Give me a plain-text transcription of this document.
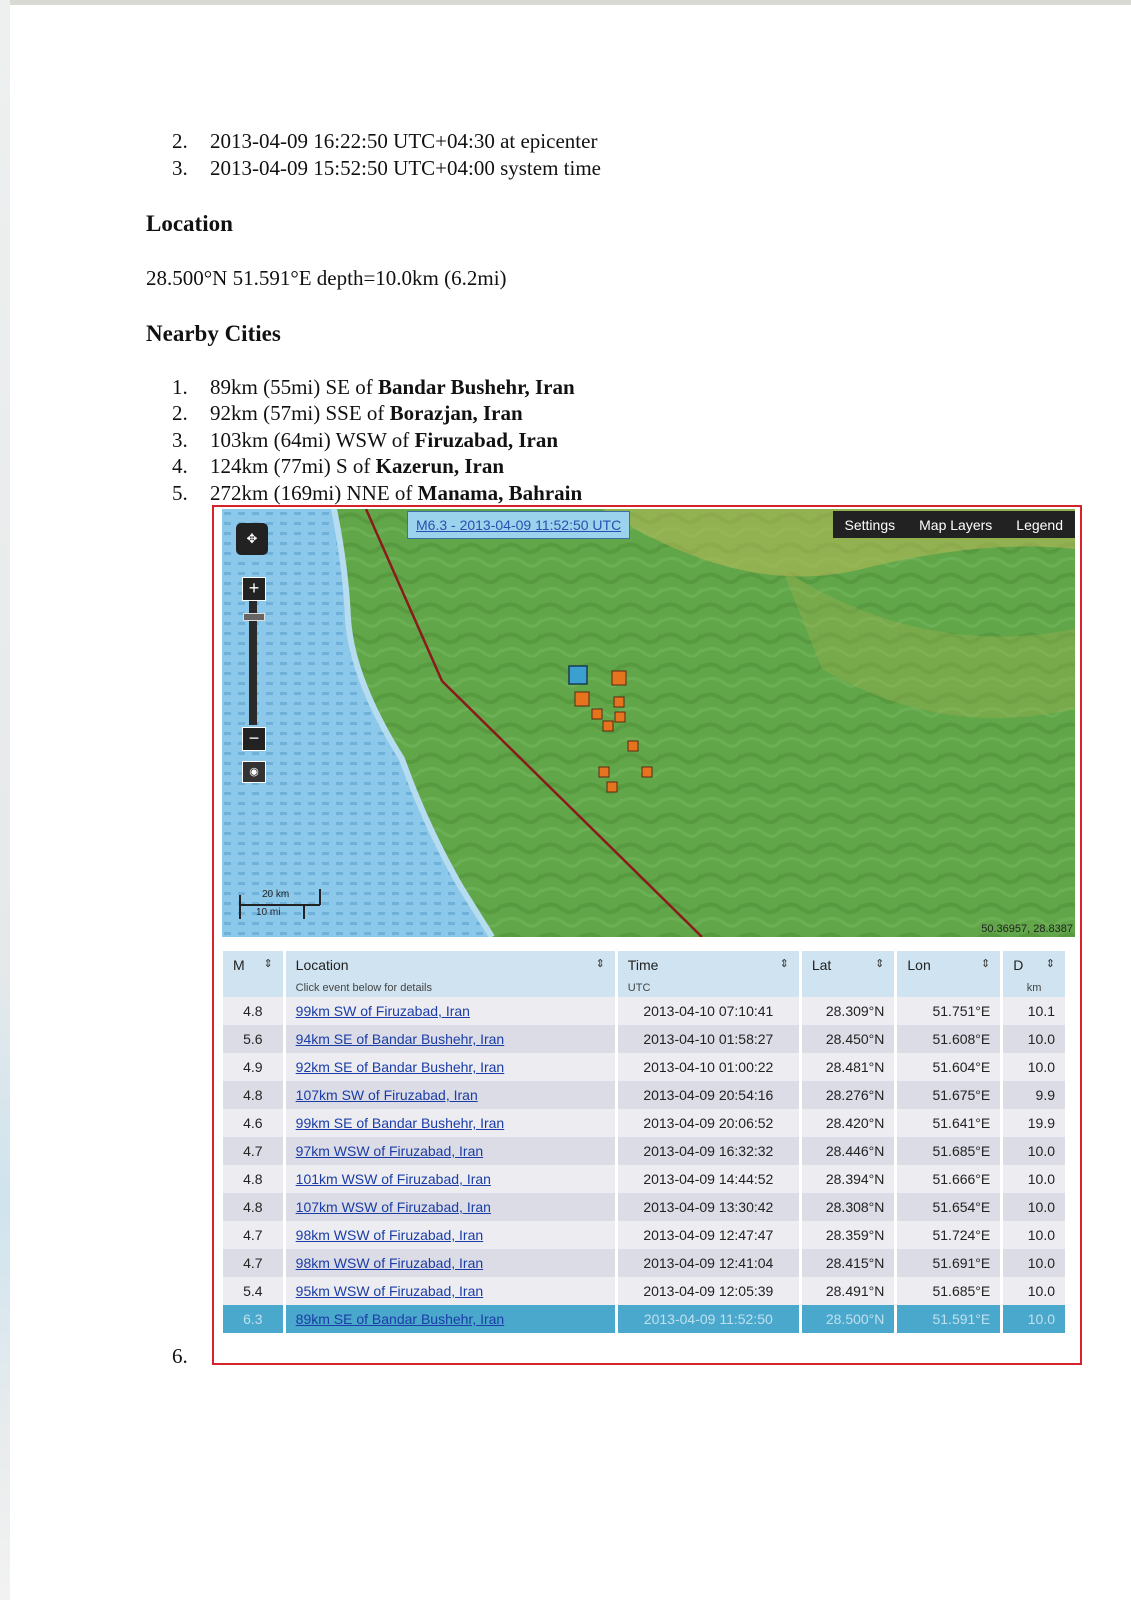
2.	2013-04-09 16:22:50 UTC+04:30 at epicenter
3.	2013-04-09 15:52:50 UTC+04:00 system time
Location
28.500°N 51.591°E depth=10.0km (6.2mi)
Nearby Cities
1.	89km (55mi) SE of Bandar Bushehr, Iran
2.	92km (57mi) SSE of Borazjan, Iran
3.	103km (64mi) WSW of Firuzabad, Iran
4.	124km (77mi) S of Kazerun, Iran
5.	272km (169mi) NNE of Manama, Bahrain
6.
M6.3 - 2013-04-09 11:52:50 UTC	Settings	Map Layers	Legend
✥
+
−
◉
20 km
10 mi
50.36957, 28.8387
M ⇕	Location ⇕	Time ⇕	Lat ⇕	Lon ⇕	D ⇕

	Click event below for details	UTC			km
4.8	99km SW of Firuzabad, Iran	2013-04-10 07:10:41	28.309°N	51.751°E	10.1
5.6	94km SE of Bandar Bushehr, Iran	2013-04-10 01:58:27	28.450°N	51.608°E	10.0
4.9	92km SE of Bandar Bushehr, Iran	2013-04-10 01:00:22	28.481°N	51.604°E	10.0
4.8	107km SW of Firuzabad, Iran	2013-04-09 20:54:16	28.276°N	51.675°E	9.9
4.6	99km SE of Bandar Bushehr, Iran	2013-04-09 20:06:52	28.420°N	51.641°E	19.9
4.7	97km WSW of Firuzabad, Iran	2013-04-09 16:32:32	28.446°N	51.685°E	10.0
4.8	101km WSW of Firuzabad, Iran	2013-04-09 14:44:52	28.394°N	51.666°E	10.0
4.8	107km WSW of Firuzabad, Iran	2013-04-09 13:30:42	28.308°N	51.654°E	10.0
4.7	98km WSW of Firuzabad, Iran	2013-04-09 12:47:47	28.359°N	51.724°E	10.0
4.7	98km WSW of Firuzabad, Iran	2013-04-09 12:41:04	28.415°N	51.691°E	10.0
5.4	95km WSW of Firuzabad, Iran	2013-04-09 12:05:39	28.491°N	51.685°E	10.0
6.3	89km SE of Bandar Bushehr, Iran	2013-04-09 11:52:50	28.500°N	51.591°E	10.0
